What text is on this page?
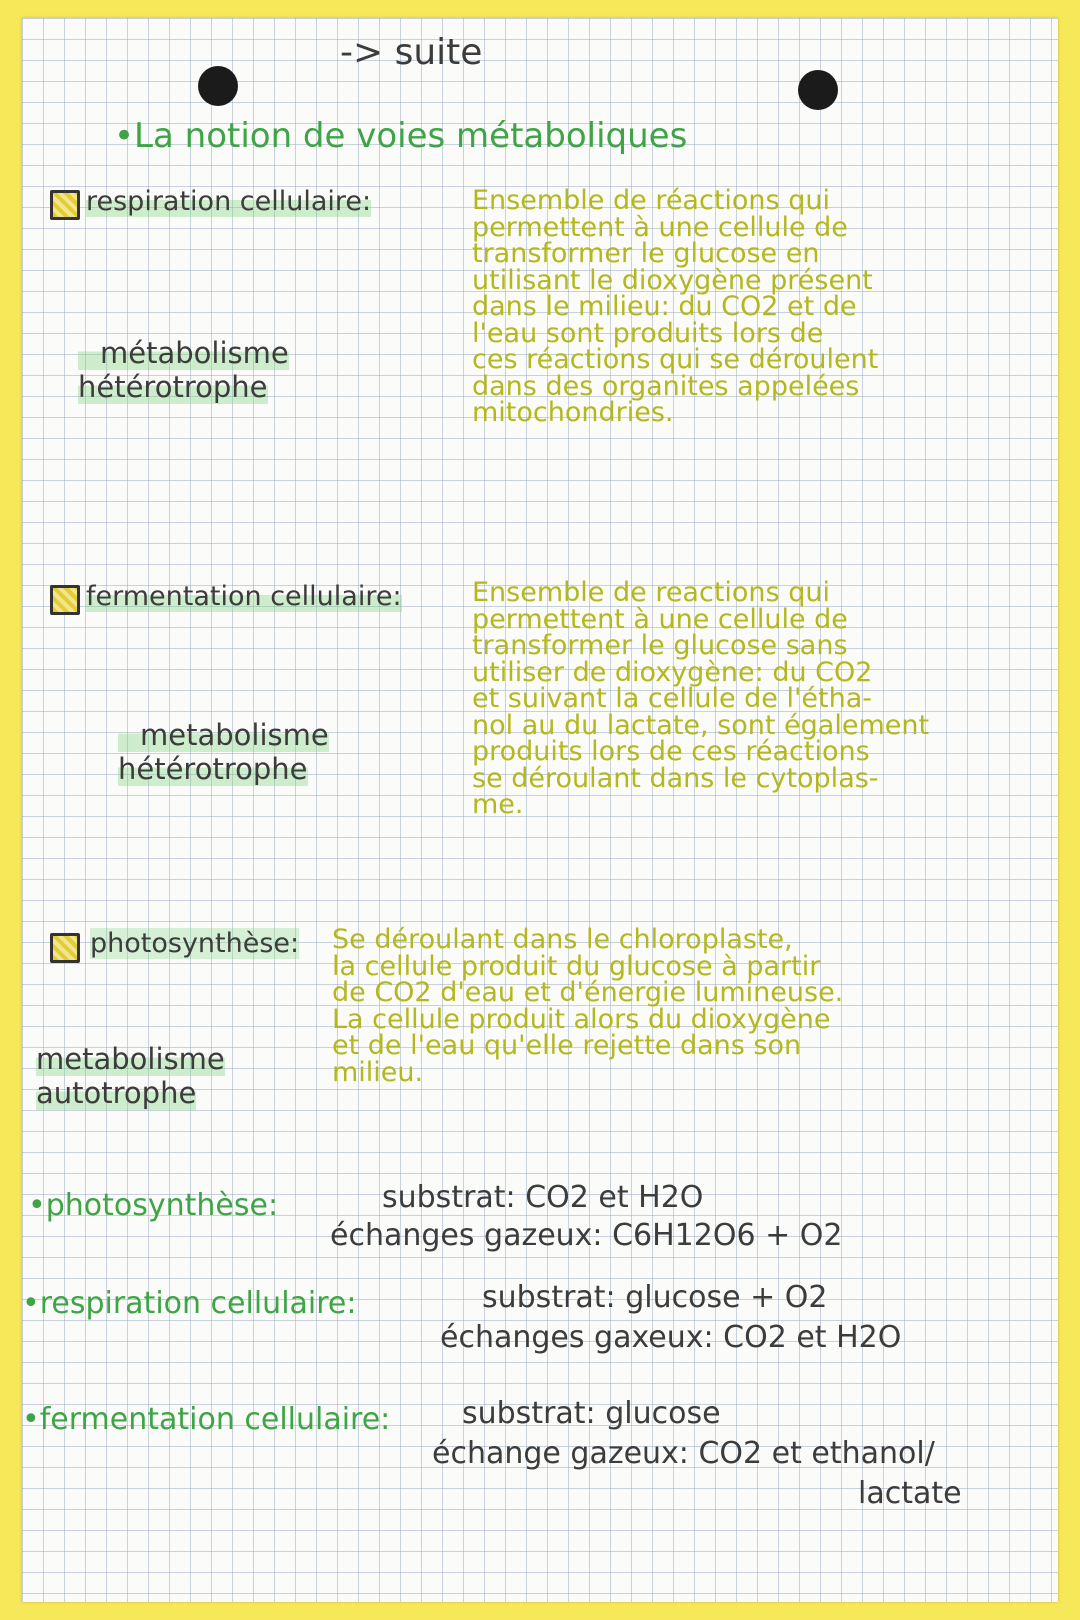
-> suite

•La notion de voies métaboliques

respiration cellulaire:

métabolisme
hétérotrophe

Ensemble de réactions qui
permettent à une cellule de
transformer le glucose en
utilisant le dioxygène présent
dans le milieu: du CO2 et de
l'eau sont produits lors de
ces réactions qui se déroulent
dans des organites appelées
mitochondries.

fermentation cellulaire:

metabolisme
hétérotrophe

Ensemble de reactions qui
permettent à une cellule de
transformer le glucose sans
utiliser de dioxygène: du CO2
et suivant la cellule de l'étha-
nol au du lactate, sont également
produits lors de ces réactions
se déroulant dans le cytoplas-
me.

photosynthèse:

metabolisme
autotrophe

Se déroulant dans le chloroplaste,
la cellule produit du glucose à partir
de CO2 d'eau et d'énergie lumineuse.
La cellule produit alors du dioxygène
et de l'eau qu'elle rejette dans son
milieu.

•photosynthèse:	substrat: CO2 et H2O

échanges gazeux: C6H12O6 + O2

•respiration cellulaire:	substrat: glucose + O2

échanges gaxeux: CO2 et H2O

•fermentation cellulaire: substrat: glucose

échange gazeux: CO2 et ethanol/

lactate
